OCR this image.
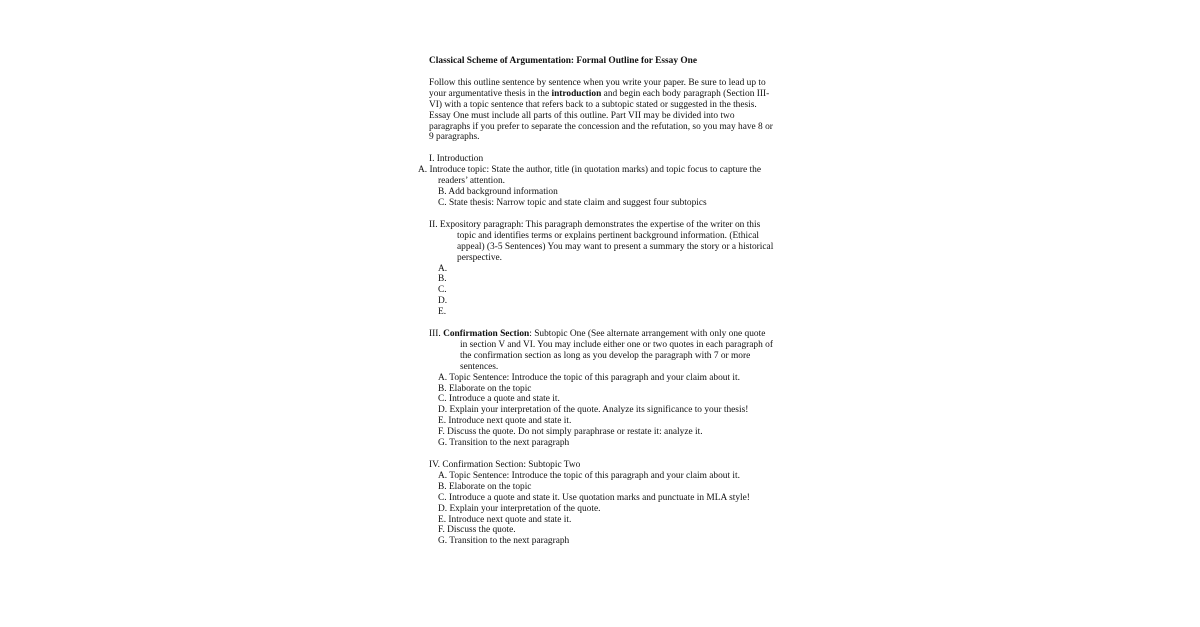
Classical Scheme of Argumentation: Formal Outline for Essay One

Follow this outline sentence by sentence when you write your paper. Be sure to lead up to your argumentative thesis in the introduction and begin each body paragraph (Section III-VI) with a topic sentence that refers back to a subtopic stated or suggested in the thesis.

Essay One must include all parts of this outline. Part VII may be divided into two paragraphs if you prefer to separate the concession and the refutation, so you may have 8 or 9 paragraphs.

I. Introduction

A. Introduce topic: State the author, title (in quotation marks) and topic focus to capture the readers’ attention.

B. Add background information

C. State thesis: Narrow topic and state claim and suggest four subtopics

II. Expository paragraph: This paragraph demonstrates the expertise of the writer on this topic and identifies terms or explains pertinent background information. (Ethical appeal) (3-5 Sentences) You may want to present a summary the story or a historical perspective.

A.

B.

C.

D.

E.

III. Confirmation Section: Subtopic One (See alternate arrangement with only one quote in section V and VI. You may include either one or two quotes in each paragraph of the confirmation section as long as you develop the paragraph with 7 or more sentences.

A. Topic Sentence: Introduce the topic of this paragraph and your claim about it.

B. Elaborate on the topic

C. Introduce a quote and state it.

D. Explain your interpretation of the quote. Analyze its significance to your thesis!

E. Introduce next quote and state it.

F. Discuss the quote. Do not simply paraphrase or restate it: analyze it.

G. Transition to the next paragraph

IV. Confirmation Section: Subtopic Two

A. Topic Sentence: Introduce the topic of this paragraph and your claim about it.

B. Elaborate on the topic

C. Introduce a quote and state it. Use quotation marks and punctuate in MLA style!

D. Explain your interpretation of the quote.

E. Introduce next quote and state it.

F. Discuss the quote.

G. Transition to the next paragraph
